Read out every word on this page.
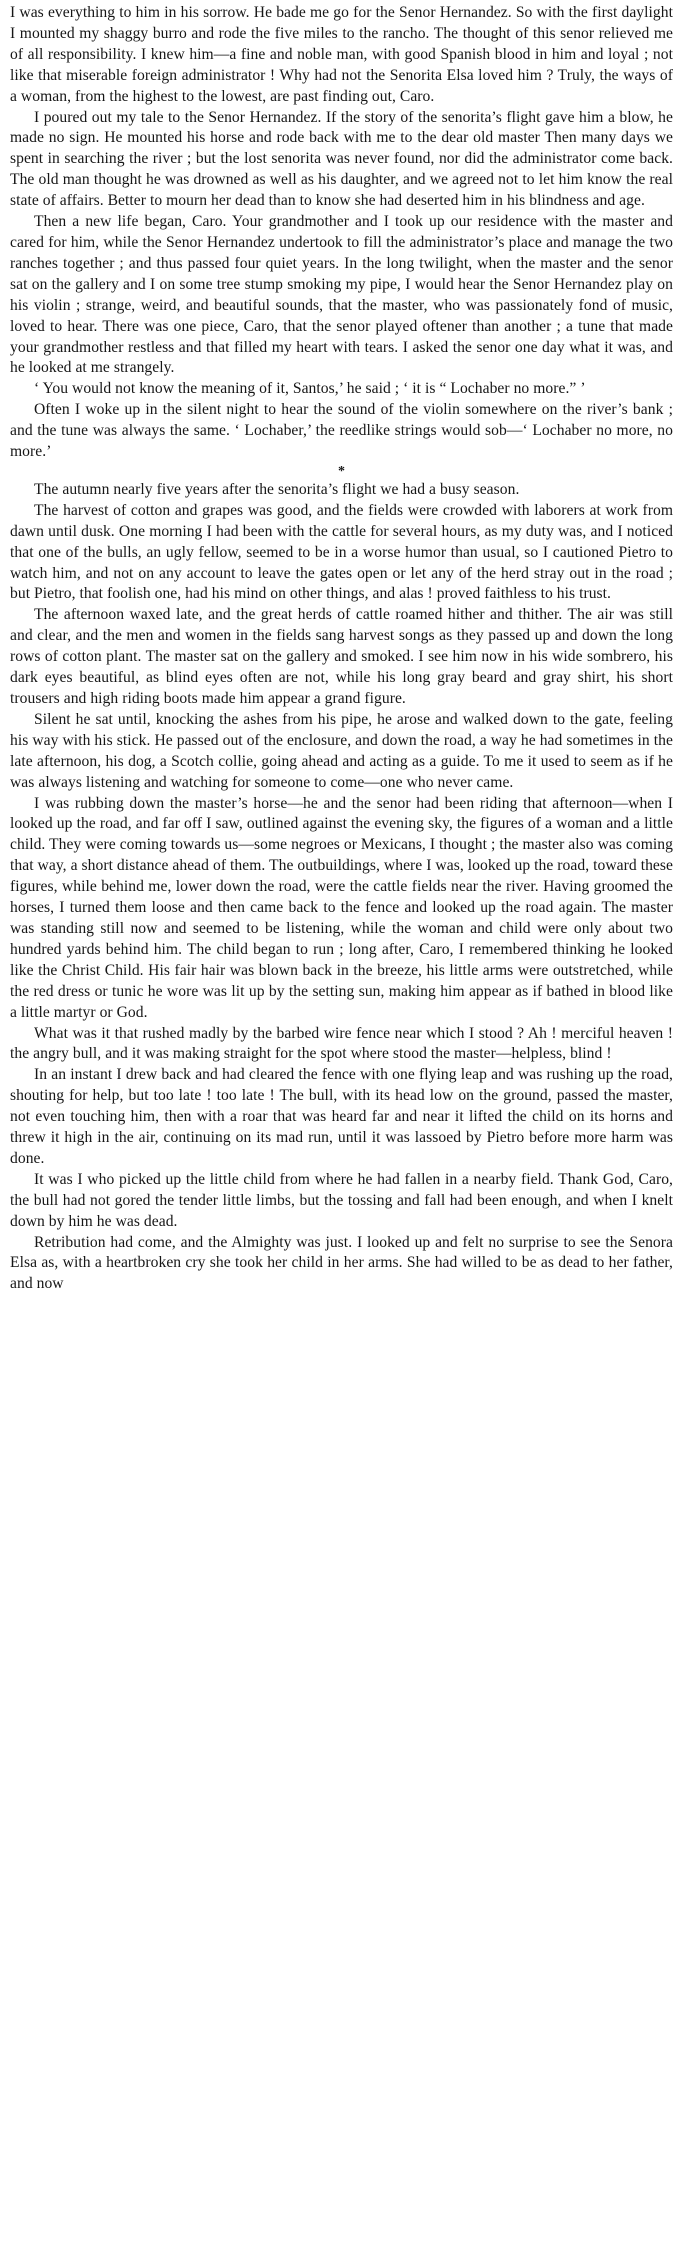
I was everything to him in his sorrow. He bade me go for the Senor Hernandez. So with the first daylight I mounted my shaggy burro and rode the five miles to the rancho. The thought of this senor relieved me of all responsibility. I knew him—a fine and noble man, with good Spanish blood in him and loyal ; not like that miserable foreign administrator ! Why had not the Senorita Elsa loved him ? Truly, the ways of a woman, from the highest to the lowest, are past finding out, Caro.

I poured out my tale to the Senor Hernandez. If the story of the senorita’s flight gave him a blow, he made no sign. He mounted his horse and rode back with me to the dear old master Then many days we spent in searching the river ; but the lost senorita was never found, nor did the administrator come back. The old man thought he was drowned as well as his daughter, and we agreed not to let him know the real state of affairs. Better to mourn her dead than to know she had deserted him in his blindness and age.

Then a new life began, Caro. Your grandmother and I took up our residence with the master and cared for him, while the Senor Hernandez undertook to fill the administrator’s place and manage the two ranches together ; and thus passed four quiet years. In the long twilight, when the master and the senor sat on the gallery and I on some tree stump smoking my pipe, I would hear the Senor Hernandez play on his violin ; strange, weird, and beautiful sounds, that the master, who was passionately fond of music, loved to hear. There was one piece, Caro, that the senor played oftener than another ; a tune that made your grandmother restless and that filled my heart with tears. I asked the senor one day what it was, and he looked at me strangely.

‘ You would not know the meaning of it, Santos,’ he said ; ‘ it is “ Lochaber no more.” ’

Often I woke up in the silent night to hear the sound of the violin somewhere on the river’s bank ; and the tune was always the same. ‘ Lochaber,’ the reedlike strings would sob—‘ Lochaber no more, no more.’

*

The autumn nearly five years after the senorita’s flight we had a busy season.

The harvest of cotton and grapes was good, and the fields were crowded with laborers at work from dawn until dusk. One morning I had been with the cattle for several hours, as my duty was, and I noticed that one of the bulls, an ugly fellow, seemed to be in a worse humor than usual, so I cautioned Pietro to watch him, and not on any account to leave the gates open or let any of the herd stray out in the road ; but Pietro, that foolish one, had his mind on other things, and alas ! proved faithless to his trust.

The afternoon waxed late, and the great herds of cattle roamed hither and thither. The air was still and clear, and the men and women in the fields sang harvest songs as they passed up and down the long rows of cotton plant. The master sat on the gallery and smoked. I see him now in his wide sombrero, his dark eyes beautiful, as blind eyes often are not, while his long gray beard and gray shirt, his short trousers and high riding boots made him appear a grand figure.

Silent he sat until, knocking the ashes from his pipe, he arose and walked down to the gate, feeling his way with his stick. He passed out of the enclosure, and down the road, a way he had sometimes in the late afternoon, his dog, a Scotch collie, going ahead and acting as a guide. To me it used to seem as if he was always listening and watching for someone to come—one who never came.

I was rubbing down the master’s horse—he and the senor had been riding that afternoon—when I looked up the road, and far off I saw, outlined against the evening sky, the figures of a woman and a little child. They were coming towards us—some negroes or Mexicans, I thought ; the master also was coming that way, a short distance ahead of them. The outbuildings, where I was, looked up the road, toward these figures, while behind me, lower down the road, were the cattle fields near the river. Having groomed the horses, I turned them loose and then came back to the fence and looked up the road again. The master was standing still now and seemed to be listening, while the woman and child were only about two hundred yards behind him. The child began to run ; long after, Caro, I remembered thinking he looked like the Christ Child. His fair hair was blown back in the breeze, his little arms were outstretched, while the red dress or tunic he wore was lit up by the setting sun, making him appear as if bathed in blood like a little martyr or God.

What was it that rushed madly by the barbed wire fence near which I stood ? Ah ! merciful heaven ! the angry bull, and it was making straight for the spot where stood the master—helpless, blind !

In an instant I drew back and had cleared the fence with one flying leap and was rushing up the road, shouting for help, but too late ! too late ! The bull, with its head low on the ground, passed the master, not even touching him, then with a roar that was heard far and near it lifted the child on its horns and threw it high in the air, continuing on its mad run, until it was lassoed by Pietro before more harm was done.

It was I who picked up the little child from where he had fallen in a nearby field. Thank God, Caro, the bull had not gored the tender little limbs, but the tossing and fall had been enough, and when I knelt down by him he was dead.

Retribution had come, and the Almighty was just. I looked up and felt no surprise to see the Senora Elsa as, with a heartbroken cry she took her child in her arms. She had willed to be as dead to her father, and now
